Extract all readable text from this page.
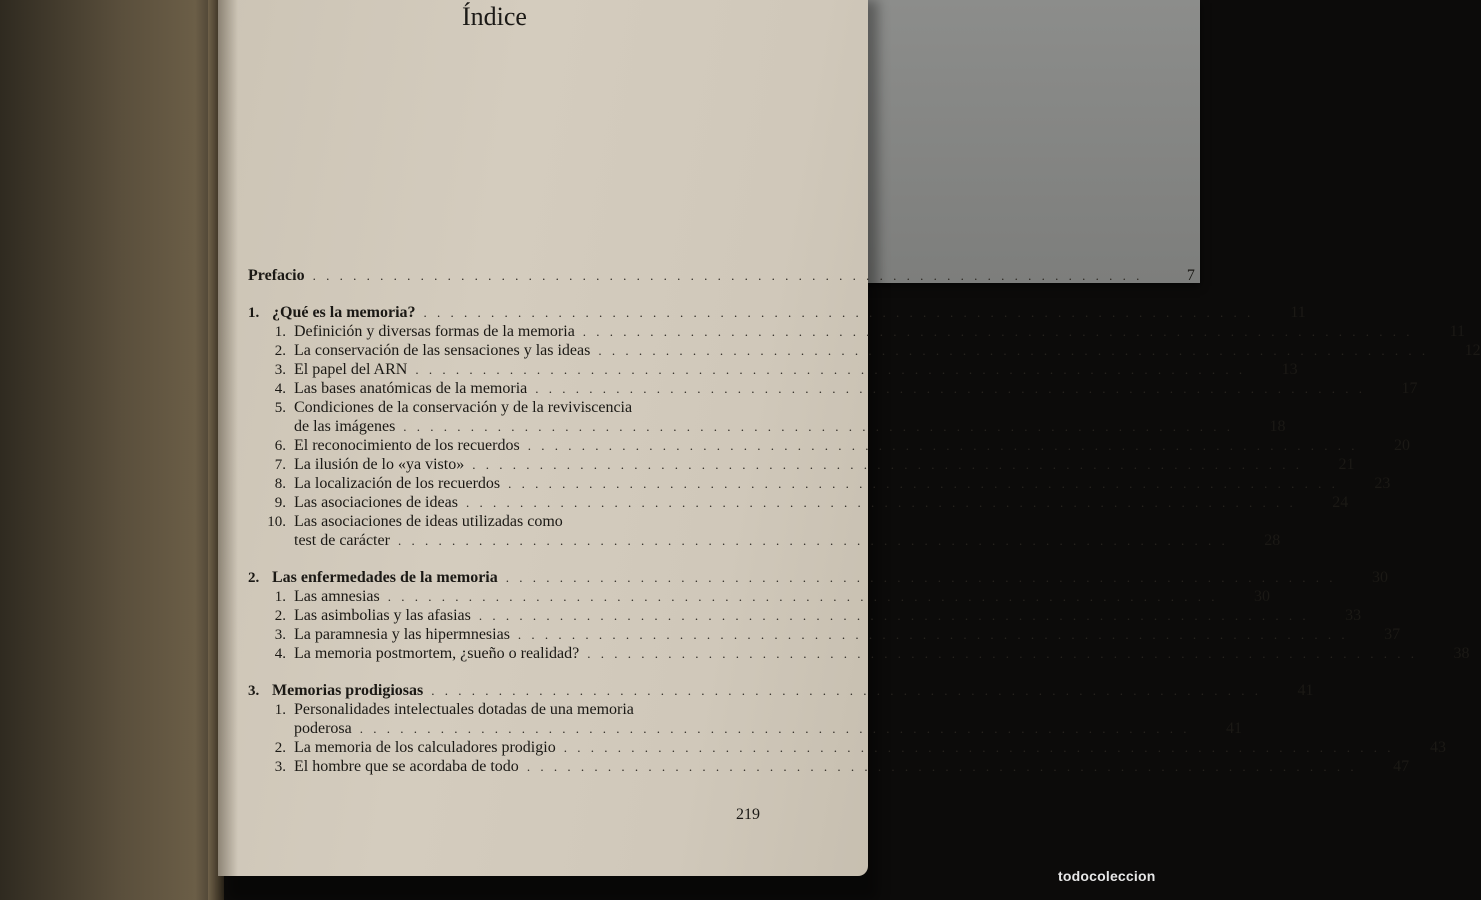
Prefacio . . . . . . . . . . . . . . . . . . . . . . . . . . . . . . . . . . . . . . . . . . . . . . . . . . . . . . . . . . . . . .	7
1. ¿Qué es la memoria? . . . . . . . . . . . . . . . . . . . . . . . . . . . . . . . . . . . . . . . . . . . . . . . . . . . . . . . . . . . . . .	11
1. Definición y diversas formas de la memoria . . . . . . . . . . . . . . . . . . . . . . . . . . . . . . . . . . . . . . . . . . . . . . . . . . . . . . . . . . . . . .	11
2. La conservación de las sensaciones y las ideas . . . . . . . . . . . . . . . . . . . . . . . . . . . . . . . . . . . . . . . . . . . . . . . . . . . . . . . . . . . . . .	12
3. El papel del ARN . . . . . . . . . . . . . . . . . . . . . . . . . . . . . . . . . . . . . . . . . . . . . . . . . . . . . . . . . . . . . .	13
4. Las bases anatómicas de la memoria . . . . . . . . . . . . . . . . . . . . . . . . . . . . . . . . . . . . . . . . . . . . . . . . . . . . . . . . . . . . . .	17
5. Condiciones de la conservación y de la reviviscencia
de las imágenes . . . . . . . . . . . . . . . . . . . . . . . . . . . . . . . . . . . . . . . . . . . . . . . . . . . . . . . . . . . . . .	18
6. El reconocimiento de los recuerdos . . . . . . . . . . . . . . . . . . . . . . . . . . . . . . . . . . . . . . . . . . . . . . . . . . . . . . . . . . . . . .	20
7. La ilusión de lo «ya visto» . . . . . . . . . . . . . . . . . . . . . . . . . . . . . . . . . . . . . . . . . . . . . . . . . . . . . . . . . . . . . .	21
8. La localización de los recuerdos . . . . . . . . . . . . . . . . . . . . . . . . . . . . . . . . . . . . . . . . . . . . . . . . . . . . . . . . . . . . . .	23
9. Las asociaciones de ideas . . . . . . . . . . . . . . . . . . . . . . . . . . . . . . . . . . . . . . . . . . . . . . . . . . . . . . . . . . . . . .	24
10. Las asociaciones de ideas utilizadas como
test de carácter . . . . . . . . . . . . . . . . . . . . . . . . . . . . . . . . . . . . . . . . . . . . . . . . . . . . . . . . . . . . . .	28
2. Las enfermedades de la memoria . . . . . . . . . . . . . . . . . . . . . . . . . . . . . . . . . . . . . . . . . . . . . . . . . . . . . . . . . . . . . .	30
1. Las amnesias . . . . . . . . . . . . . . . . . . . . . . . . . . . . . . . . . . . . . . . . . . . . . . . . . . . . . . . . . . . . . .	30
2. Las asimbolias y las afasias . . . . . . . . . . . . . . . . . . . . . . . . . . . . . . . . . . . . . . . . . . . . . . . . . . . . . . . . . . . . . .	33
3. La paramnesia y las hipermnesias . . . . . . . . . . . . . . . . . . . . . . . . . . . . . . . . . . . . . . . . . . . . . . . . . . . . . . . . . . . . . .	37
4. La memoria postmortem, ¿sueño o realidad? . . . . . . . . . . . . . . . . . . . . . . . . . . . . . . . . . . . . . . . . . . . . . . . . . . . . . . . . . . . . . .	38
3. Memorias prodigiosas . . . . . . . . . . . . . . . . . . . . . . . . . . . . . . . . . . . . . . . . . . . . . . . . . . . . . . . . . . . . . .	41
1. Personalidades intelectuales dotadas de una memoria
poderosa . . . . . . . . . . . . . . . . . . . . . . . . . . . . . . . . . . . . . . . . . . . . . . . . . . . . . . . . . . . . . .	41
2. La memoria de los calculadores prodigio . . . . . . . . . . . . . . . . . . . . . . . . . . . . . . . . . . . . . . . . . . . . . . . . . . . . . . . . . . . . . .	43
3. El hombre que se acordaba de todo . . . . . . . . . . . . . . . . . . . . . . . . . . . . . . . . . . . . . . . . . . . . . . . . . . . . . . . . . . . . . .	47
219
todocoleccion
